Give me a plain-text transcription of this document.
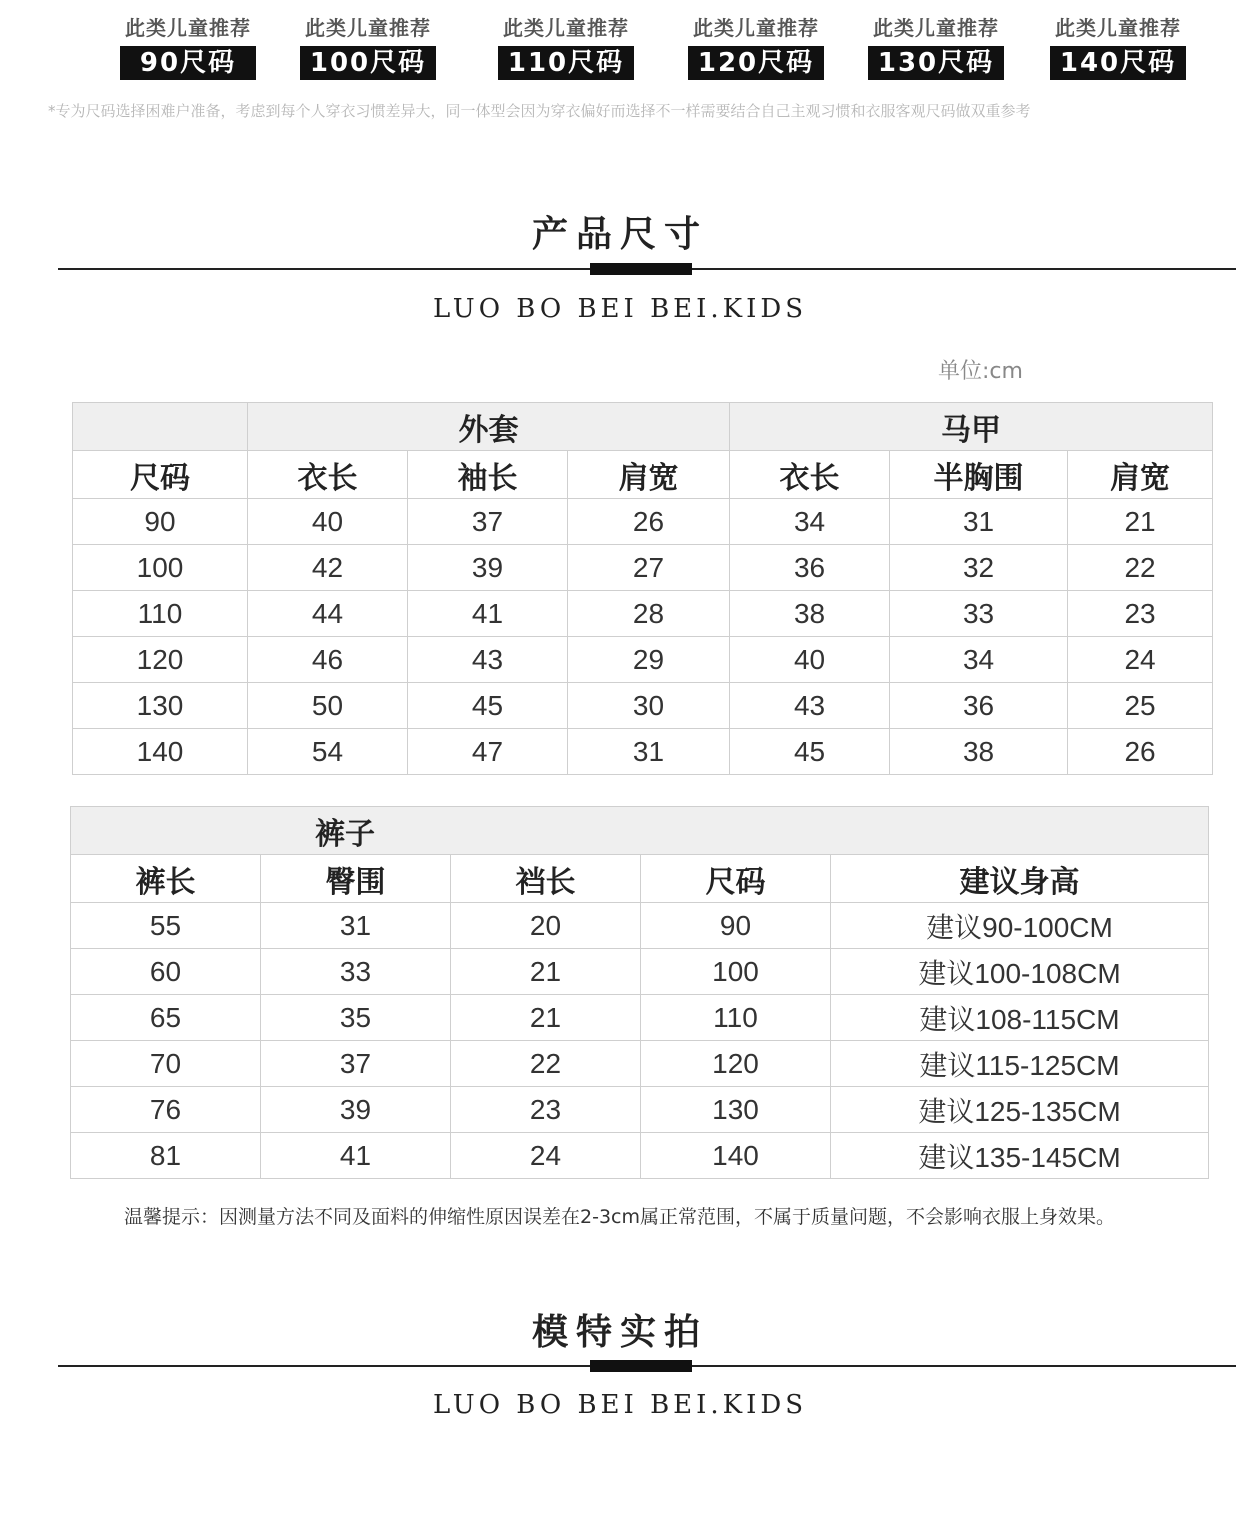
此类儿童推荐
90尺码
此类儿童推荐
100尺码
此类儿童推荐
110尺码
此类儿童推荐
120尺码
此类儿童推荐
130尺码
此类儿童推荐
140尺码
*专为尺码选择困难户准备，考虑到每个人穿衣习惯差异大，同一体型会因为穿衣偏好而选择不一样需要结合自己主观习惯和衣服客观尺码做双重参考
产品尺寸
LUO BO BEI BEI.KIDS
单位:cm
	外套			马甲		
尺码	衣长	袖长	肩宽	衣长	半胸围	肩宽
90	40	37	26	34	31	21
100	42	39	27	36	32	22
110	44	41	28	38	33	23
120	46	43	29	40	34	24
130	50	45	30	43	36	25
140	54	47	31	45	38	26
裤子				
裤长	臀围	裆长	尺码	建议身高
55	31	20	90	建议90-100CM
60	33	21	100	建议100-108CM
65	35	21	110	建议108-115CM
70	37	22	120	建议115-125CM
76	39	23	130	建议125-135CM
81	41	24	140	建议135-145CM
温馨提示：因测量方法不同及面料的伸缩性原因误差在2-3cm属正常范围，不属于质量问题，不会影响衣服上身效果。
模特实拍
LUO BO BEI BEI.KIDS
